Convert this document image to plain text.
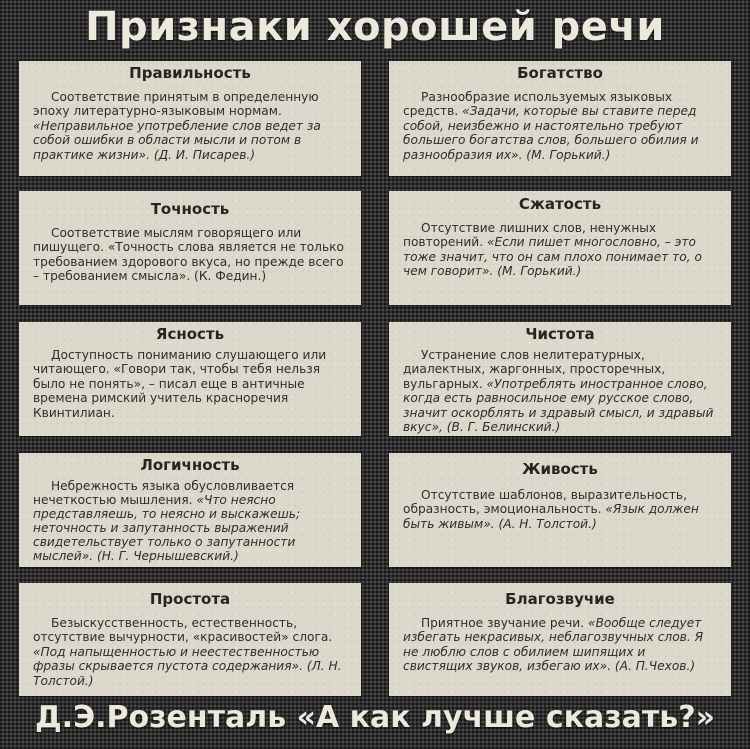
Признаки хорошей речи
Правильность
Соответствие принятым в определенную эпоху литературно-языковым нормам. «Неправильное употребление слов ведет за собой ошибки в области мысли и потом в практике жизни». (Д. И. Писарев.)
Богатство
Разнообразие используемых языковых средств. «Задачи, которые вы ставите перед собой, неизбежно и настоятельно требуют большего богатства слов, большего обилия и разнообразия их». (М. Горький.)
Точность
Соответствие мыслям говорящего или пишущего. «Точность слова является не только требованием здорового вкуса, но прежде всего – требованием смысла». (К. Федин.)
Сжатость
Отсутствие лишних слов, ненужных повторений. «Если пишет многословно, – это тоже значит, что он сам плохо понимает то, о чем говорит». (М. Горький.)
Ясность
Доступность пониманию слушающего или читающего. «Говори так, чтобы тебя нельзя было не понять», – писал еще в античные времена римский учитель красноречия Квинтилиан.
Чистота
Устранение слов нелитературных, диалектных, жаргонных, просторечных, вульгарных. «Употреблять иностранное слово, когда есть равносильное ему русское слово, значит оскорблять и здравый смысл, и здравый вкус», (В. Г. Белинский.)
Логичность
Небрежность языка обусловливается нечеткостью мышления. «Что неясно представляешь, то неясно и выскажешь; неточность и запутанность выражений свидетельствует только о запутанности мыслей». (Н. Г. Чернышевский.)
Живость
Отсутствие шаблонов, выразительность, образность, эмоциональность. «Язык должен быть живым». (А. Н. Толстой.)
Простота
Безыскусственность, естественность, отсутствие вычурности, «красивостей» слога. «Под напыщенностью и неестественностью фразы скрывается пустота содержания». (Л. Н. Толстой.)
Благозвучие
Приятное звучание речи. «Вообще следует избегать некрасивых, неблагозвучных слов. Я не люблю слов с обилием шипящих и свистящих звуков, избегаю их». (А. П.Чехов.)
Д.Э.Розенталь «А как лучше сказать?»
